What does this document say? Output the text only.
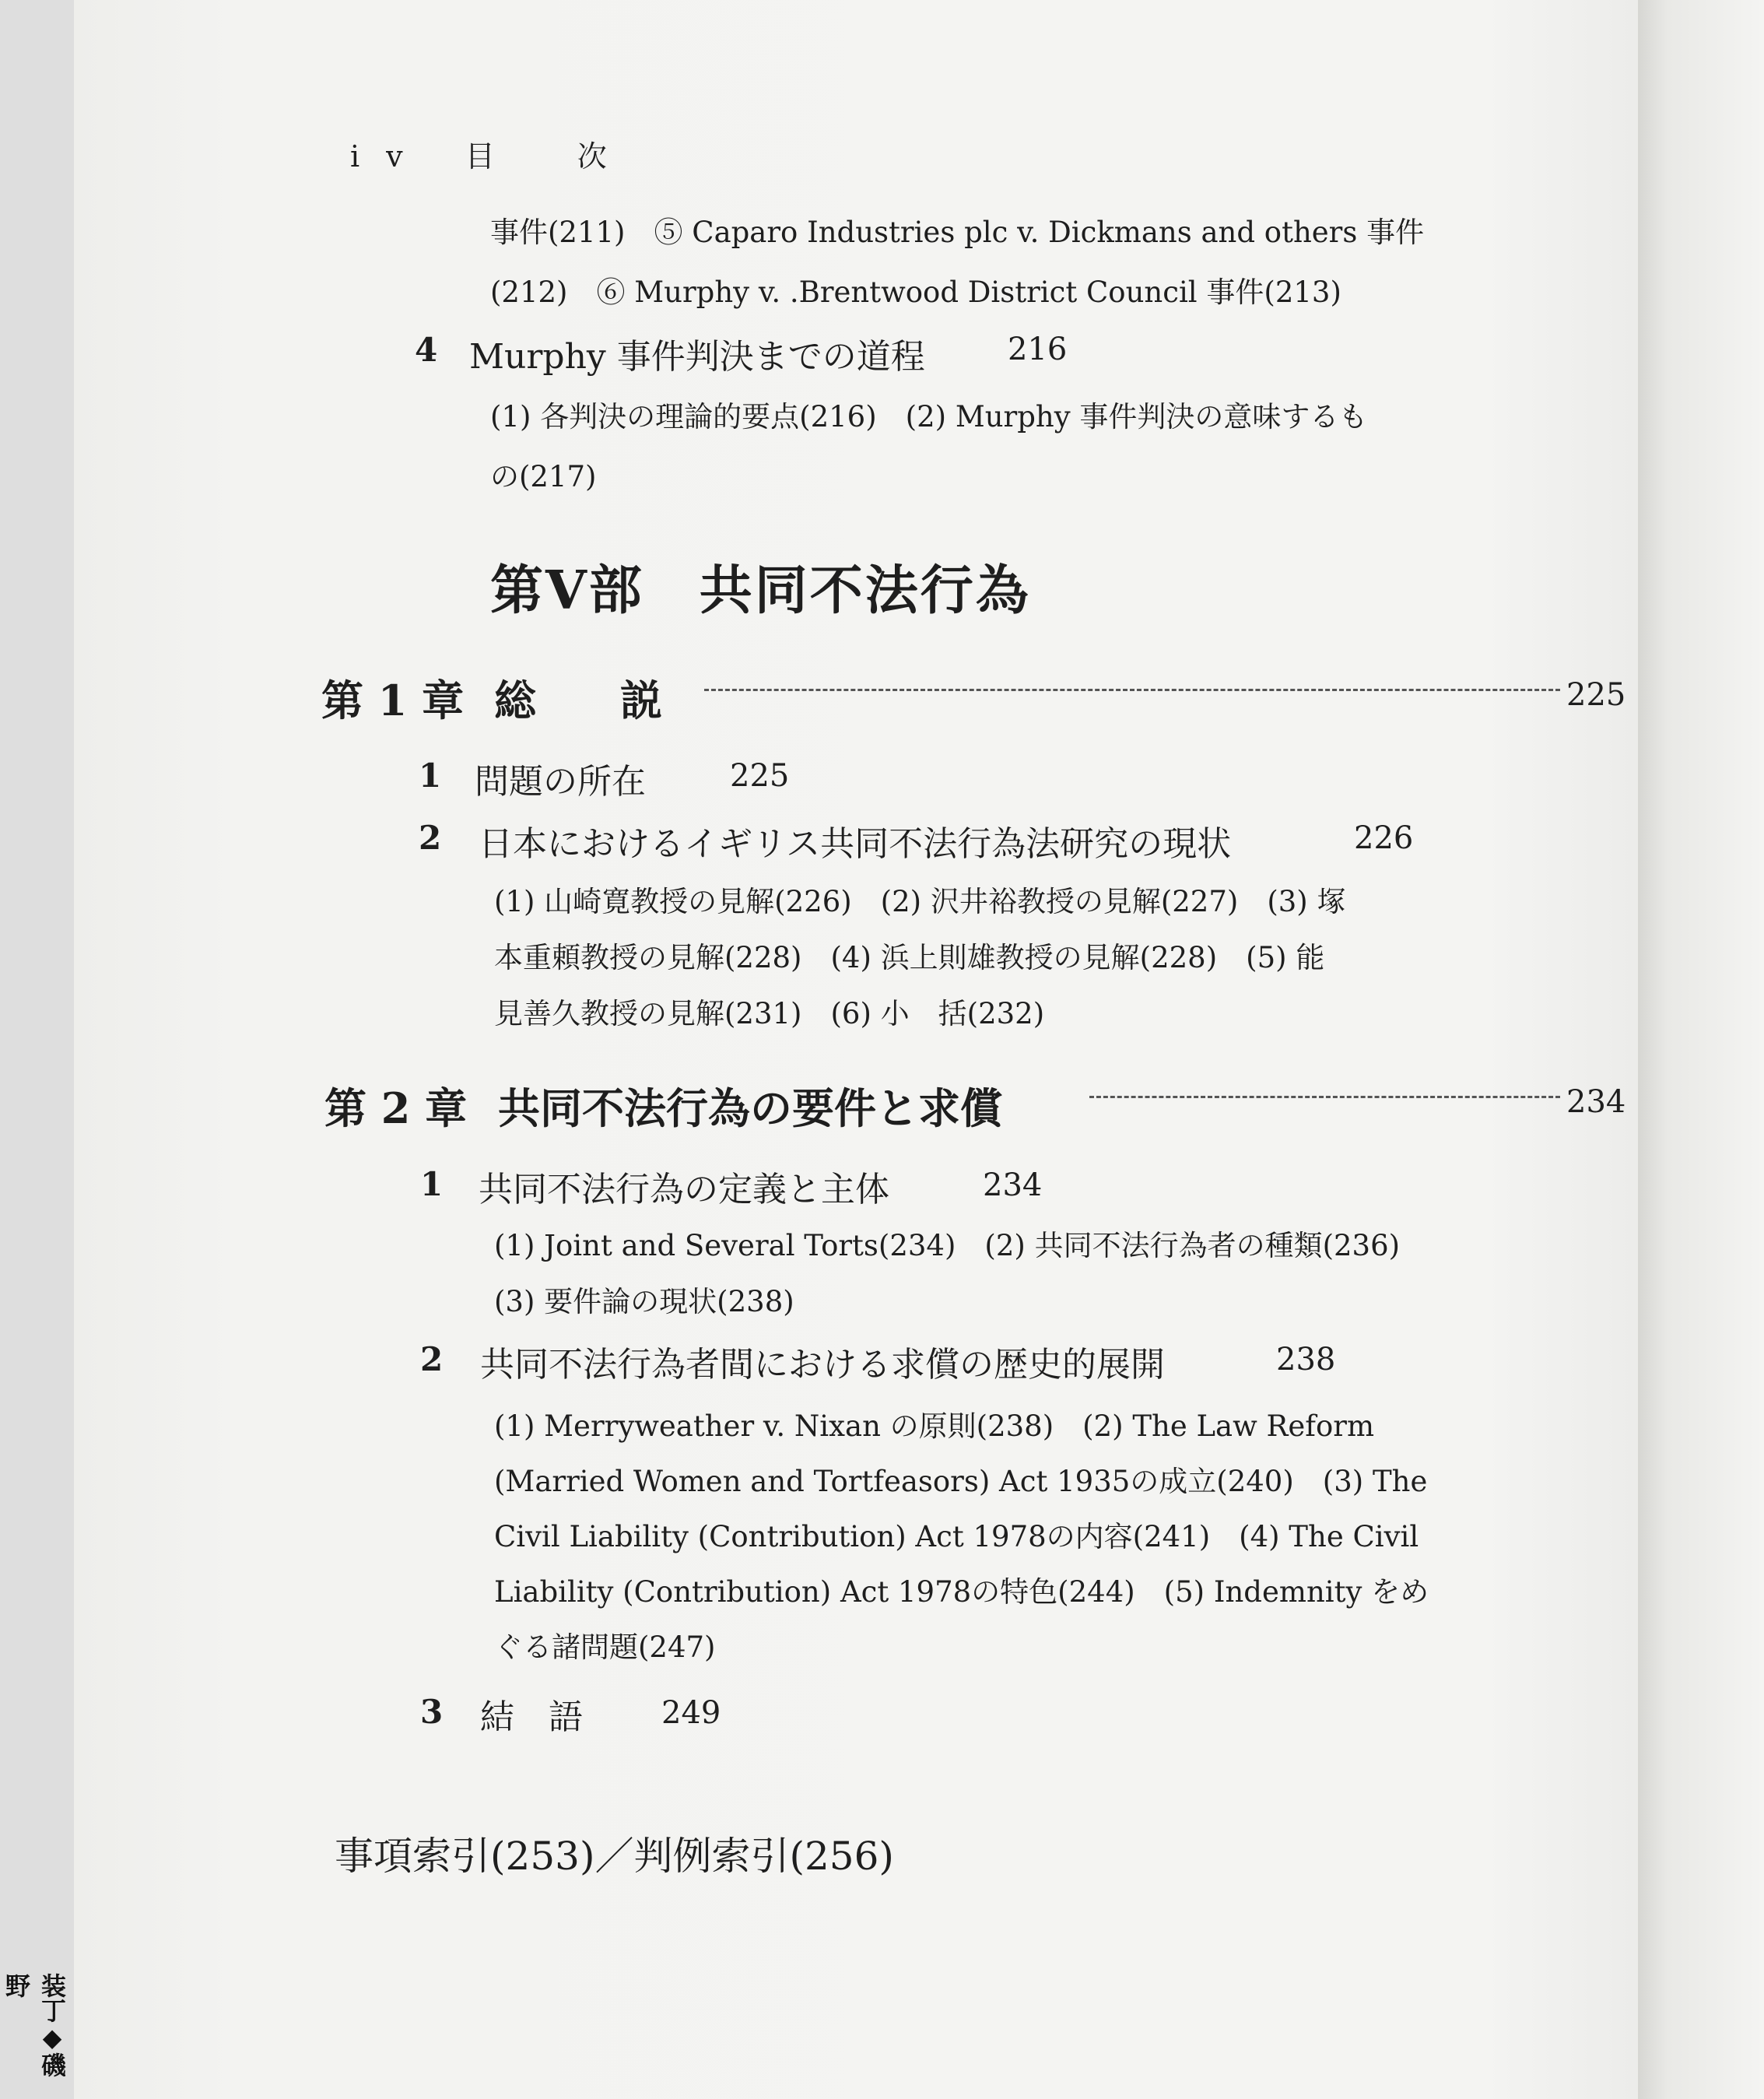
装丁◆磯野
iv 目　次
事件(211)　⑤ Caparo Industries plc v. Dickmans and others 事件
(212)　⑥ Murphy v. .Brentwood District Council 事件(213)
4 Murphy 事件判決までの道程	216
(1) 各判決の理論的要点(216)　(2) Murphy 事件判決の意味するも
の(217)
第Ⅴ部　共同不法行為
第 1 章 総　　説	225
1 問題の所在	225
2 日本におけるイギリス共同不法行為法研究の現状	226
(1) 山崎寛教授の見解(226)　(2) 沢井裕教授の見解(227)　(3) 塚
本重頼教授の見解(228)　(4) 浜上則雄教授の見解(228)　(5) 能
見善久教授の見解(231)　(6) 小　括(232)
第 2 章 共同不法行為の要件と求償	234
1 共同不法行為の定義と主体	234
(1) Joint and Several Torts(234)　(2) 共同不法行為者の種類(236)
(3) 要件論の現状(238)
2 共同不法行為者間における求償の歴史的展開	238
(1) Merryweather v. Nixan の原則(238)　(2) The Law Reform
(Married Women and Tortfeasors) Act 1935の成立(240)　(3) The
Civil Liability (Contribution) Act 1978の内容(241)　(4) The Civil
Liability (Contribution) Act 1978の特色(244)　(5) Indemnity をめ
ぐる諸問題(247)
3 結　語	249
事項索引(253)／判例索引(256)
